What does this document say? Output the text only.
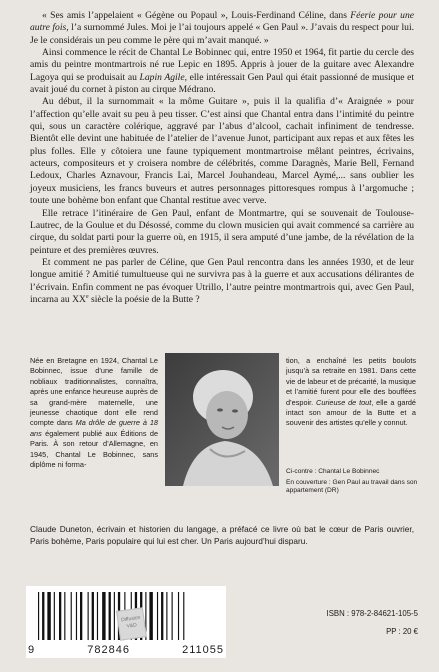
« Ses amis l’appelaient « Gégène ou Popaul », Louis-Ferdinand Céline, dans Féerie pour une autre fois, l’a surnommé Jules. Moi je l’ai toujours appelé « Gen Paul ». J’avais du respect pour lui. Je le considérais un peu comme le père qui m’avait manqué. »

Ainsi commence le récit de Chantal Le Bobinnec qui, entre 1950 et 1964, fit partie du cercle des amis du peintre montmartrois né rue Lepic en 1895. Appris à jouer de la guitare avec Alexandre Lagoya qui se produisait au Lapin Agile, elle intéressait Gen Paul qui était passionné de musique et avait joué du cornet à piston au cirque Médrano.

Au début, il la surnommait « la môme Guitare », puis il la qualifia d’« Araignée » pour l’affection qu’elle avait su peu à peu tisser. C’est ainsi que Chantal entra dans l’intimité du peintre qui, sous un caractère colérique, aggravé par l’abus d’alcool, cachait infiniment de tendresse. Bientôt elle devint une habituée de l’atelier de l’avenue Junot, participant aux repas et aux fêtes les plus folles. Elle y côtoiera une faune typiquement montmartroise mêlant peintres, écrivains, acteurs, compositeurs et y croisera nombre de célébrités, comme Daragnès, Marie Bell, Fernand Ledoux, Charles Aznavour, Francis Lai, Marcel Jouhandeau, Marcel Aymé,... sans oublier les joyeux musiciens, les francs buveurs et autres personnages pittoresques rompus à l’argomuche ; toute une bohème bon enfant que Chantal restitue avec verve.

Elle retrace l’itinéraire de Gen Paul, enfant de Montmartre, qui se souvenait de Toulouse-Lautrec, de la Goulue et du Désossé, comme du clown musicien qui avait commencé sa carrière au cirque, du soldat parti pour la guerre où, en 1915, il sera amputé d’une jambe, de la révélation de la peinture et des premières œuvres.

Et comment ne pas parler de Céline, que Gen Paul rencontra dans les années 1930, et de leur longue amitié ? Amitié tumultueuse qui ne survivra pas à la guerre et aux accusations délirantes de l’écrivain. Enfin comment ne pas évoquer Utrillo, l’autre peintre montmartrois qui, avec Gen Paul, incarna au XXe siècle la poésie de la Butte ?

Née en Bretagne en 1924, Chantal Le Bobinnec, issue d’une famille de nobliaux traditionnalistes, connaîtra, après une enfance heureuse auprès de sa grand-mère maternelle, une jeunesse chaotique dont elle rend compte dans Ma drôle de guerre à 18 ans également publié aux Éditions de Paris. À son retour d’Allemagne, en 1945, Chantal Le Bobinnec, sans diplôme ni forma-
tion, a enchaîné les petits boulots jusqu’à sa retraite en 1981. Dans cette vie de labeur et de précarité, la musique et l’amitié furent pour elle des bouffées d’espoir. Curieuse de tout, elle a gardé intact son amour de la Butte et a souvenir des artistes qu’elle y connut.
Ci-contre : Chantal Le Bobinnec
En couverture : Gen Paul au travail dans son appartement (DR)
Claude Duneton, écrivain et historien du langage, a préfacé ce livre où bat le cœur de Paris ouvrier, Paris bohème, Paris populaire qui lui est cher. Un Paris aujourd’hui disparu.
9	782846	211055
Diffusion V&D
ISBN : 978-2-84621-105-5
PP : 20 €
